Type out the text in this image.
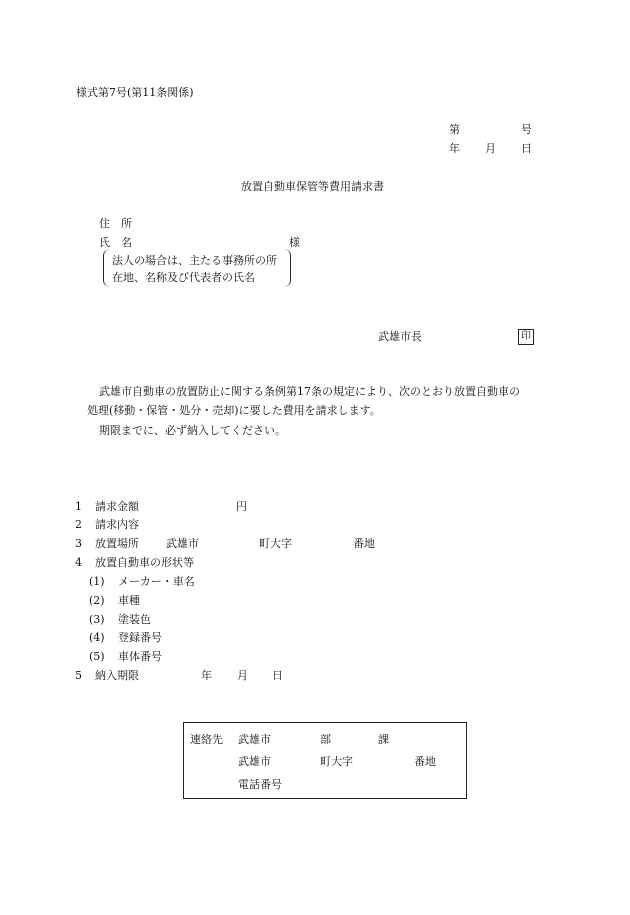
様式第7号(第11条関係)
第	号
年 月 日
放置自動車保管等費用請求書
住　所
氏　名	様
法人の場合は、主たる事務所の所
在地、名称及び代表者の氏名
武雄市長	印
武雄市自動車の放置防止に関する条例第17条の規定により、次のとおり放置自動車の
処理(移動・保管・処分・売却)に要した費用を請求します。
期限までに、必ず納入してください。
1 請求金額	円
2 請求内容
3 放置場所 武雄市	町大字	番地
4 放置自動車の形状等
(1) メーカー・車名
(2) 車種
(3) 塗装色
(4) 登録番号
(5) 車体番号
5 納入期限	年 月 日
連絡先 武雄市	部	課
武雄市	町大字	番地
電話番号
